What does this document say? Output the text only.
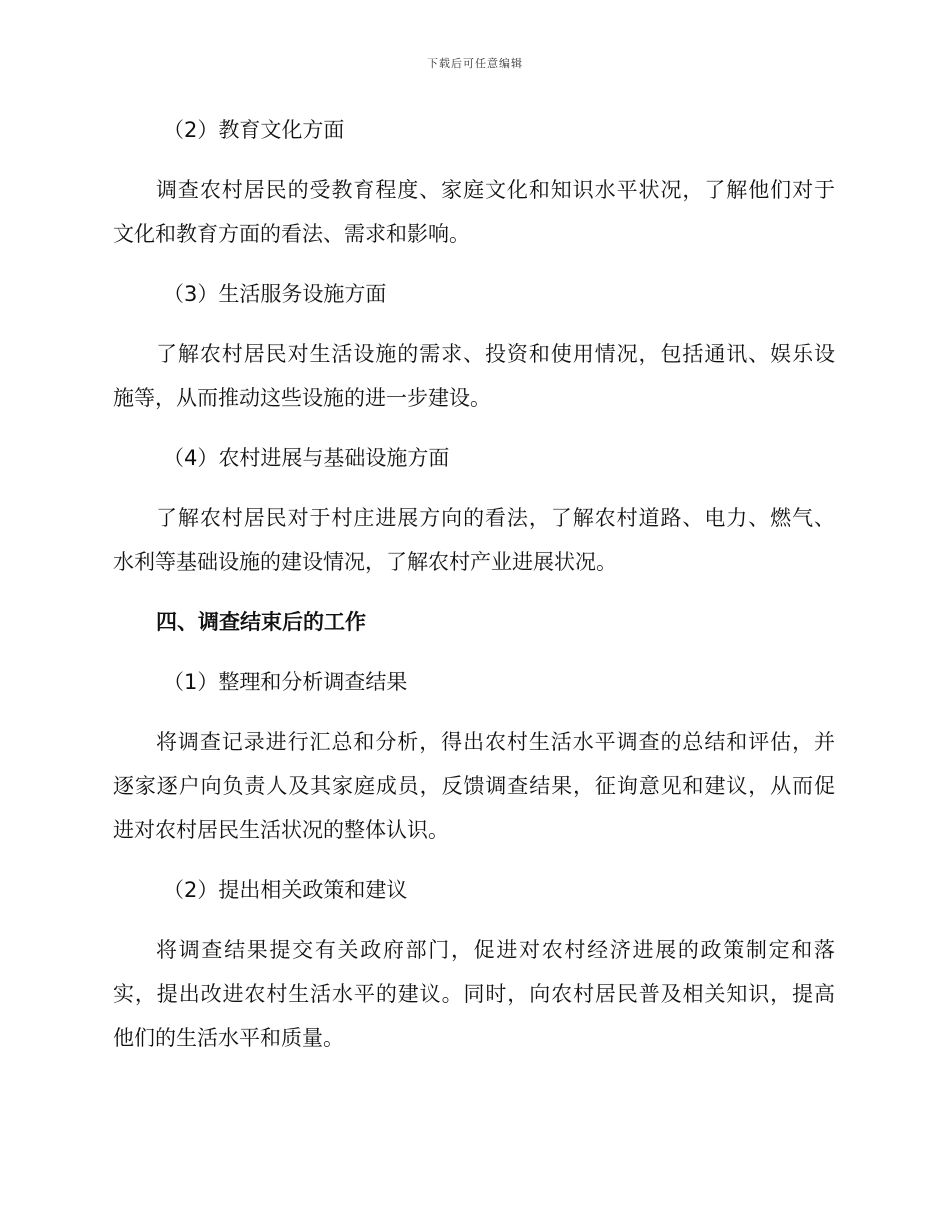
下载后可任意编辑
（2）教育文化方面
调查农村居民的受教育程度、家庭文化和知识水平状况，了解他们对于
文化和教育方面的看法、需求和影响。
（3）生活服务设施方面
了解农村居民对生活设施的需求、投资和使用情况，包括通讯、娱乐设
施等，从而推动这些设施的进一步建设。
（4）农村进展与基础设施方面
了解农村居民对于村庄进展方向的看法，了解农村道路、电力、燃气、
水利等基础设施的建设情况，了解农村产业进展状况。
四、调查结束后的工作
（1）整理和分析调查结果
将调查记录进行汇总和分析，得出农村生活水平调查的总结和评估，并
逐家逐户向负责人及其家庭成员，反馈调查结果，征询意见和建议，从而促
进对农村居民生活状况的整体认识。
（2）提出相关政策和建议
将调查结果提交有关政府部门，促进对农村经济进展的政策制定和落
实，提出改进农村生活水平的建议。同时，向农村居民普及相关知识，提高
他们的生活水平和质量。
